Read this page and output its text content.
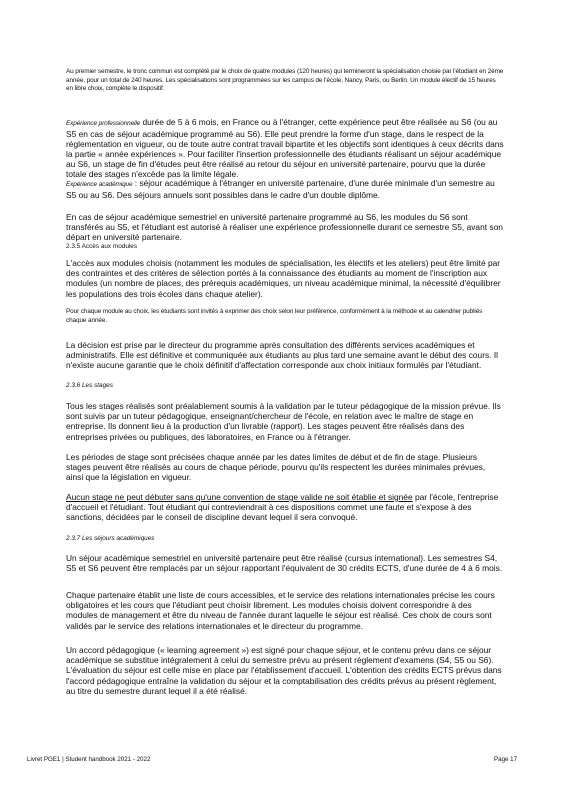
Au premier semestre, le tronc commun est complété par le choix de quatre modules (120 heures) qui termineront la spécialisation choisie par l'étudiant en 2ème année, pour un total de 240 heures. Les spécialisations sont programmées sur les campus de l'école, Nancy, Paris, ou Berlin. Un module électif de 15 heures en libre choix, complète le dispositif.

Expérience professionnelle durée de 5 à 6 mois, en France ou à l'étranger, cette expérience peut être réalisée au S6 (ou au S5 en cas de séjour académique programmé au S6). Elle peut prendre la forme d'un stage, dans le respect de la réglementation en vigueur, ou de toute autre contrat travail bipartite et les objectifs sont identiques à ceux décrits dans la partie « année expériences ». Pour faciliter l'insertion professionnelle des étudiants réalisant un séjour académique au S6, un stage de fin d'études peut être réalisé au retour du séjour en université partenaire, pourvu que la durée totale des stages n'excède pas la limite légale.

Expérience académique : séjour académique à l'étranger en université partenaire, d'une durée minimale d'un semestre au S5 ou au S6. Des séjours annuels sont possibles dans le cadre d'un double diplôme.

En cas de séjour académique semestriel en université partenaire programmé au S6, les modules du S6 sont transférés au S5, et l'étudiant est autorisé à réaliser une expérience professionnelle durant ce semestre S5, avant son départ en université partenaire.

2.3.5 Accès aux modules

L'accès aux modules choisis (notamment les modules de spécialisation, les électifs et les ateliers) peut être limité par des contraintes et des critères de sélection portés à la connaissance des étudiants au moment de l'inscription aux modules (un nombre de places, des prérequis académiques, un niveau académique minimal, la nécessité d'équilibrer les populations des trois écoles dans chaque atelier).

Pour chaque module au choix, les étudiants sont invités à exprimer des choix selon leur préférence, conformément à la méthode et au calendrier publiés chaque année.

La décision est prise par le directeur du programme après consultation des différents services académiques et administratifs. Elle est définitive et communiquée aux étudiants au plus tard une semaine avant le début des cours. Il n'existe aucune garantie que le choix définitif d'affectation corresponde aux choix initiaux formulés par l'étudiant.

2.3.6 Les stages

Tous les stages réalisés sont préalablement soumis à la validation par le tuteur pédagogique de la mission prévue. Ils sont suivis par un tuteur pédagogique, enseignant/chercheur de l'école, en relation avec le maître de stage en entreprise. Ils donnent lieu à la production d'un livrable (rapport). Les stages peuvent être réalisés dans des entreprises privées ou publiques, des laboratoires, en France ou à l'étranger.

Les périodes de stage sont précisées chaque année par les dates limites de début et de fin de stage. Plusieurs stages peuvent être réalisés au cours de chaque période, pourvu qu'ils respectent les durées minimales prévues, ainsi que la législation en vigueur.

Aucun stage ne peut débuter sans qu'une convention de stage valide ne soit établie et signée par l'école, l'entreprise d'accueil et l'étudiant. Tout étudiant qui contreviendrait à ces dispositions commet une faute et s'expose à des sanctions, décidées par le conseil de discipline devant lequel il sera convoqué.

2.3.7 Les séjours académiques

Un séjour académique semestriel en université partenaire peut être réalisé (cursus international). Les semestres S4, S5 et S6 peuvent être remplacés par un séjour rapportant l'équivalent de 30 crédits ECTS, d'une durée de 4 à 6 mois.

Chaque partenaire établit une liste de cours accessibles, et le service des relations internationales précise les cours obligatoires et les cours que l'étudiant peut choisir librement. Les modules choisis doivent correspondre à des modules de management et être du niveau de l'année durant laquelle le séjour est réalisé. Ces choix de cours sont validés par le service des relations internationales et le directeur du programme.

Un accord pédagogique (« learning agreement ») est signé pour chaque séjour, et le contenu prévu dans ce séjour académique se substitue intégralement à celui du semestre prévu au présent règlement d'examens (S4, S5 ou S6). L'évaluation du séjour est celle mise en place par l'établissement d'accueil. L'obtention des crédits ECTS prévus dans l'accord pédagogique entraîne la validation du séjour et la comptabilisation des crédits prévus au présent règlement, au titre du semestre durant lequel il a été réalisé.

Livret PGE1 | Student handbook 2021 - 2022	Page 17
